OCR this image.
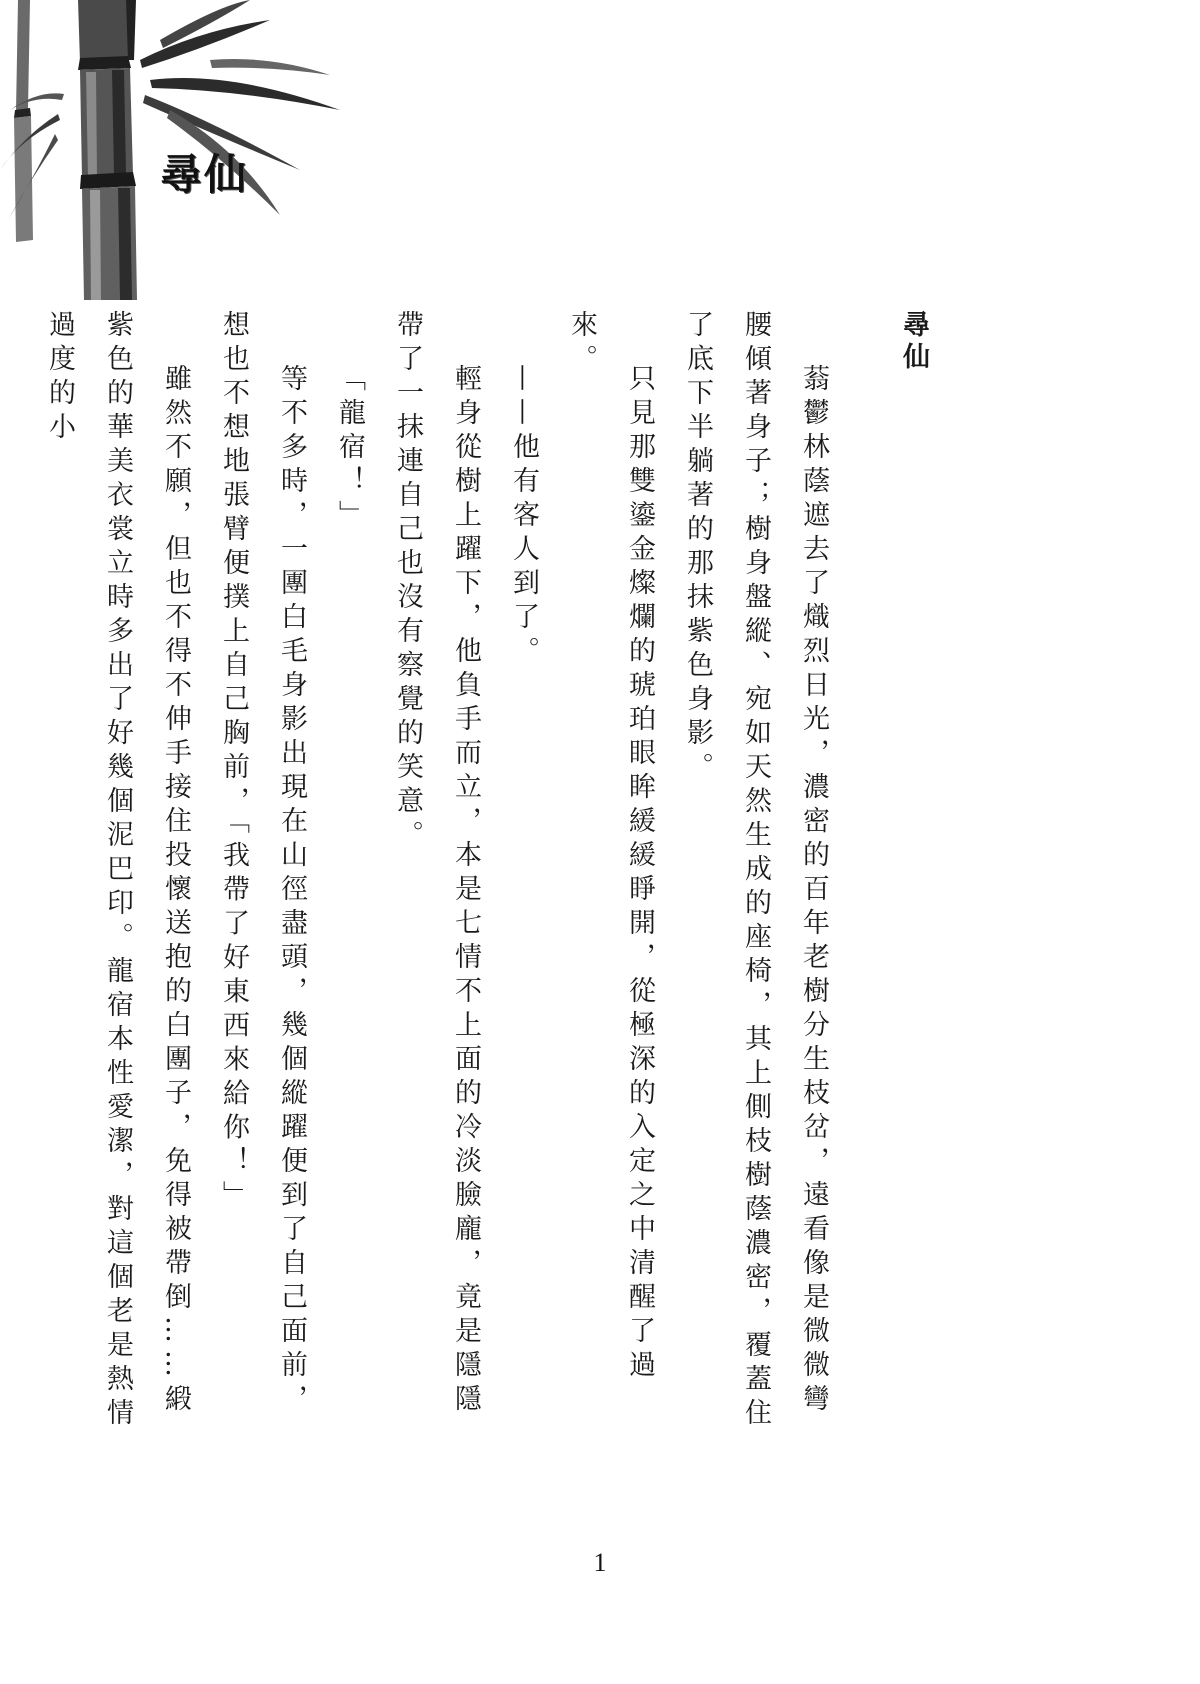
尋仙
尋仙

蓊鬱林蔭遮去了熾烈日光，濃密的百年老樹分生枝岔，遠看像是微微彎腰傾著身子；樹身盤縱、宛如天然生成的座椅，其上側枝樹蔭濃密，覆蓋住了底下半躺著的那抹紫色身影。

只見那雙鎏金燦爛的琥珀眼眸緩緩睜開，從極深的入定之中清醒了過來。

——他有客人到了。

輕身從樹上躍下，他負手而立，本是七情不上面的冷淡臉龐，竟是隱隱帶了一抹連自己也沒有察覺的笑意。

「龍宿！」

等不多時，一團白毛身影出現在山徑盡頭，幾個縱躍便到了自己面前，想也不想地張臂便撲上自己胸前，「我帶了好東西來給你！」

雖然不願，但也不得不伸手接住投懷送抱的白團子，免得被帶倒……緞紫色的華美衣裳立時多出了好幾個泥巴印。龍宿本性愛潔，對這個老是熱情過度的小

1
